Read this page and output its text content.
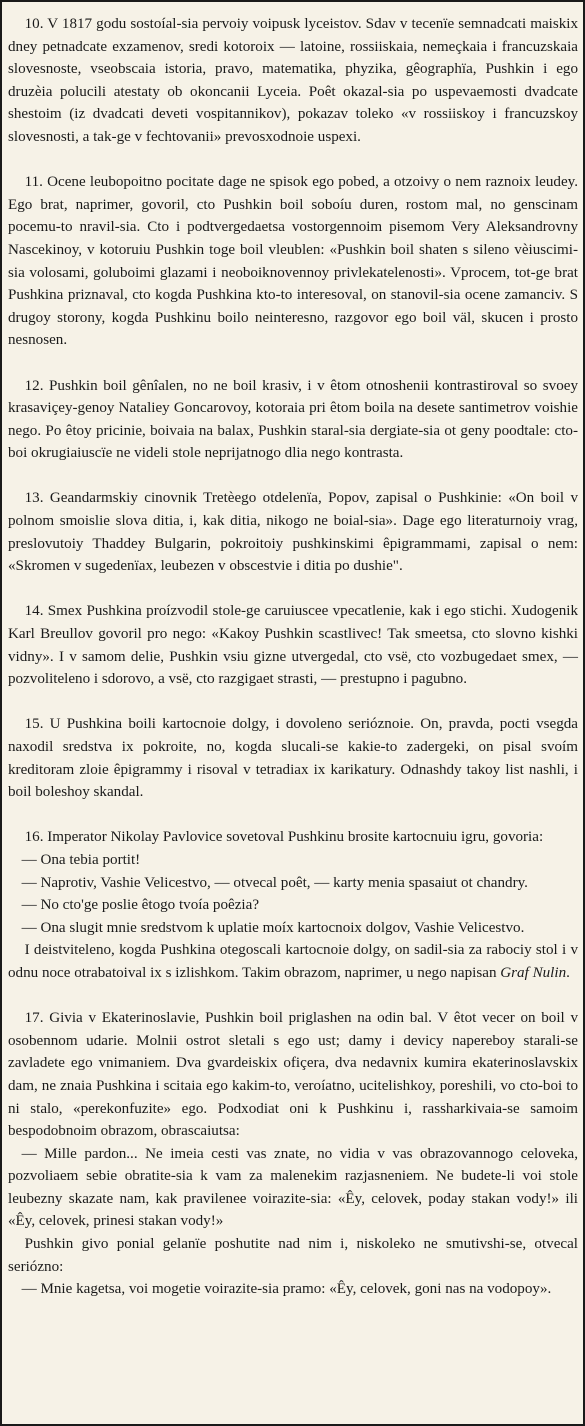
10. V 1817 godu sostoíal-sia pervoiy voipusk lyceistov. Sdav v tecenïe semnadcati maiskix dney petnadcate exzamenov, sredi kotoroix — latoine, rossiiskaia, nemeçkaia i francuzskaia slovesnoste, vseobscaia istoria, pravo, matematika, phyzika, gêographïa, Pushkin i ego druzèia polucili atestaty ob okoncanii Lyceia. Poêt okazal-sia po uspevaemosti dvadcate shestoim (iz dvadcati deveti vospitannikov), pokazav toleko «v rossiiskoy i francuzskoy slovesnosti, a tak-ge v fechtovanii» prevosxodnoie uspexi.

11. Ocene leubopoitno pocitate dage ne spisok ego pobed, a otzoivy o nem raznoix leudey. Ego brat, naprimer, govoril, cto Pushkin boil soboíu duren, rostom mal, no genscinam pocemu-to nravil-sia. Cto i podtvergedaetsa vostorgennoim pisemom Very Aleksandrovny Nascekinoy, v kotoruiu Pushkin toge boil vleublen: «Pushkin boil shaten s sileno vèiuscimi-sia volosami, goluboimi glazami i neoboiknovennoy privlekatelenosti». Vprocem, tot-ge brat Pushkina priznaval, cto kogda Pushkina kto-to interesoval, on stanovil-sia ocene zamanciv. S drugoy storony, kogda Pushkinu boilo neinteresno, razgovor ego boil väl, skucen i prosto nesnosen.

12. Pushkin boil gênîalen, no ne boil krasiv, i v êtom otnoshenii kontrastiroval so svoey krasaviçey-genoy Nataliey Goncarovoy, kotoraia pri êtom boila na desete santimetrov voishie nego. Po êtoy pricinie, boivaia na balax, Pushkin staral-sia dergiate-sia ot geny poodtale: cto-boi okrugiaiuscïe ne videli stole neprijatnogo dlia nego kontrasta.

13. Geandarmskiy cinovnik Tretèego otdelenïa, Popov, zapisal o Pushkinie: «On boil v polnom smoislie slova ditia, i, kak ditia, nikogo ne boial-sia». Dage ego literaturnoiy vrag, preslovutoiy Thaddey Bulgarin, pokroitoiy pushkinskimi êpigrammami, zapisal o nem: «Skromen v sugedenïax, leubezen v obscestvie i ditia po dushie".

14. Smex Pushkina proízvodil stole-ge caruiuscee vpecatlenie, kak i ego stichi. Xudogenik Karl Breullov govoril pro nego: «Kakoy Pushkin scastlivec! Tak smeetsa, cto slovno kishki vidny». I v samom delie, Pushkin vsiu gizne utvergedal, cto vsë, cto vozbugedaet smex, — pozvoliteleno i sdorovo, a vsë, cto razgigaet strasti, — prestupno i pagubno.

15. U Pushkina boili kartocnoie dolgy, i dovoleno serióznoie. On, pravda, pocti vsegda naxodil sredstva ix pokroite, no, kogda slucali-se kakie-to zadergeki, on pisal svoím kreditoram zloie êpigrammy i risoval v tetradiax ix karikatury. Odnashdy takoy list nashli, i boil boleshoy skandal.

16. Imperator Nikolay Pavlovice sovetoval Pushkinu brosite kartocnuiu igru, govoria:

— Ona tebia portit!

— Naprotiv, Vashie Velicestvo, — otvecal poêt, — karty menia spasaiut ot chandry.

— No cto'ge poslie êtogo tvoía poêzia?

— Ona slugit mnie sredstvom k uplatie moíx kartocnoix dolgov, Vashie Velicestvo.

I deistviteleno, kogda Pushkina otegoscali kartocnoie dolgy, on sadil-sia za rabociy stol i v odnu noce otrabatoival ix s izlishkom. Takim obrazom, naprimer, u nego napisan Graf Nulin.

17. Givia v Ekaterinoslavie, Pushkin boil priglashen na odin bal. V êtot vecer on boil v osobennom udarie. Molnii ostrot sletali s ego ust; damy i devicy napereboy starali-se zavladete ego vnimaniem. Dva gvardeiskix ofiçera, dva nedavnix kumira ekaterinoslavskix dam, ne znaia Pushkina i scitaia ego kakim-to, veroíatno, ucitelishkoy, poreshili, vo cto-boi to ni stalo, «perekonfuzite» ego. Podxodiat oni k Pushkinu i, rassharkivaia-se samoim bespodobnoim obrazom, obrascaiutsa:

— Mille pardon... Ne imeia cesti vas znate, no vidia v vas obrazovannogo celoveka, pozvoliaem sebie obratite-sia k vam za malenekim razjasneniem. Ne budete-li voi stole leubezny skazate nam, kak pravilenee voirazite-sia: «Êy, celovek, poday stakan vody!» ili «Êy, celovek, prinesi stakan vody!»

Pushkin givo ponial gelanïe poshutite nad nim i, niskoleko ne smutivshi-se, otvecal serióznо:

— Mnie kagetsa, voi mogetie voirazite-sia pramo: «Êy, celovek, goni nas na vodopoy».
